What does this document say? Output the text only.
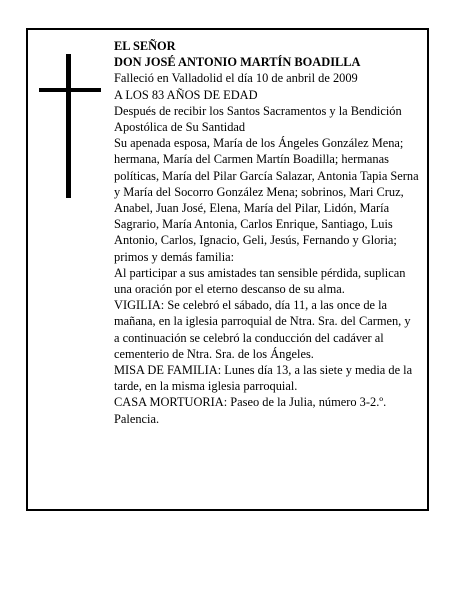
EL SEÑOR

DON JOSÉ ANTONIO MARTÍN BOADILLA

Falleció en Valladolid el día 10 de anbril de 2009

A LOS 83 AÑOS DE EDAD

Después de recibir los Santos Sacramentos y la Bendición Apostólica de Su Santidad

Su apenada esposa, María de los Ángeles González Mena; hermana, María del Carmen Martín Boadilla; hermanas políticas, María del Pilar García Salazar, Antonia Tapia Serna y María del Socorro González Mena; sobrinos, Mari Cruz, Anabel, Juan José, Elena, María del Pilar, Lidón, María Sagrario, María Antonia, Carlos Enrique, Santiago, Luis Antonio, Carlos, Ignacio, Geli, Jesús, Fernando y Gloria; primos y demás familia:

Al participar a sus amistades tan sensible pérdida, suplican una oración por el eterno descanso de su alma.

VIGILIA: Se celebró el sábado, día 11, a las once de la mañana, en la iglesia parroquial de Ntra. Sra. del Carmen, y a continuación se celebró la conducción del cadáver al cementerio de Ntra. Sra. de los Ángeles.

MISA DE FAMILIA: Lunes día 13, a las siete y media de la tarde, en la misma iglesia parroquial.

CASA MORTUORIA: Paseo de la Julia, número 3-2.º. Palencia.
